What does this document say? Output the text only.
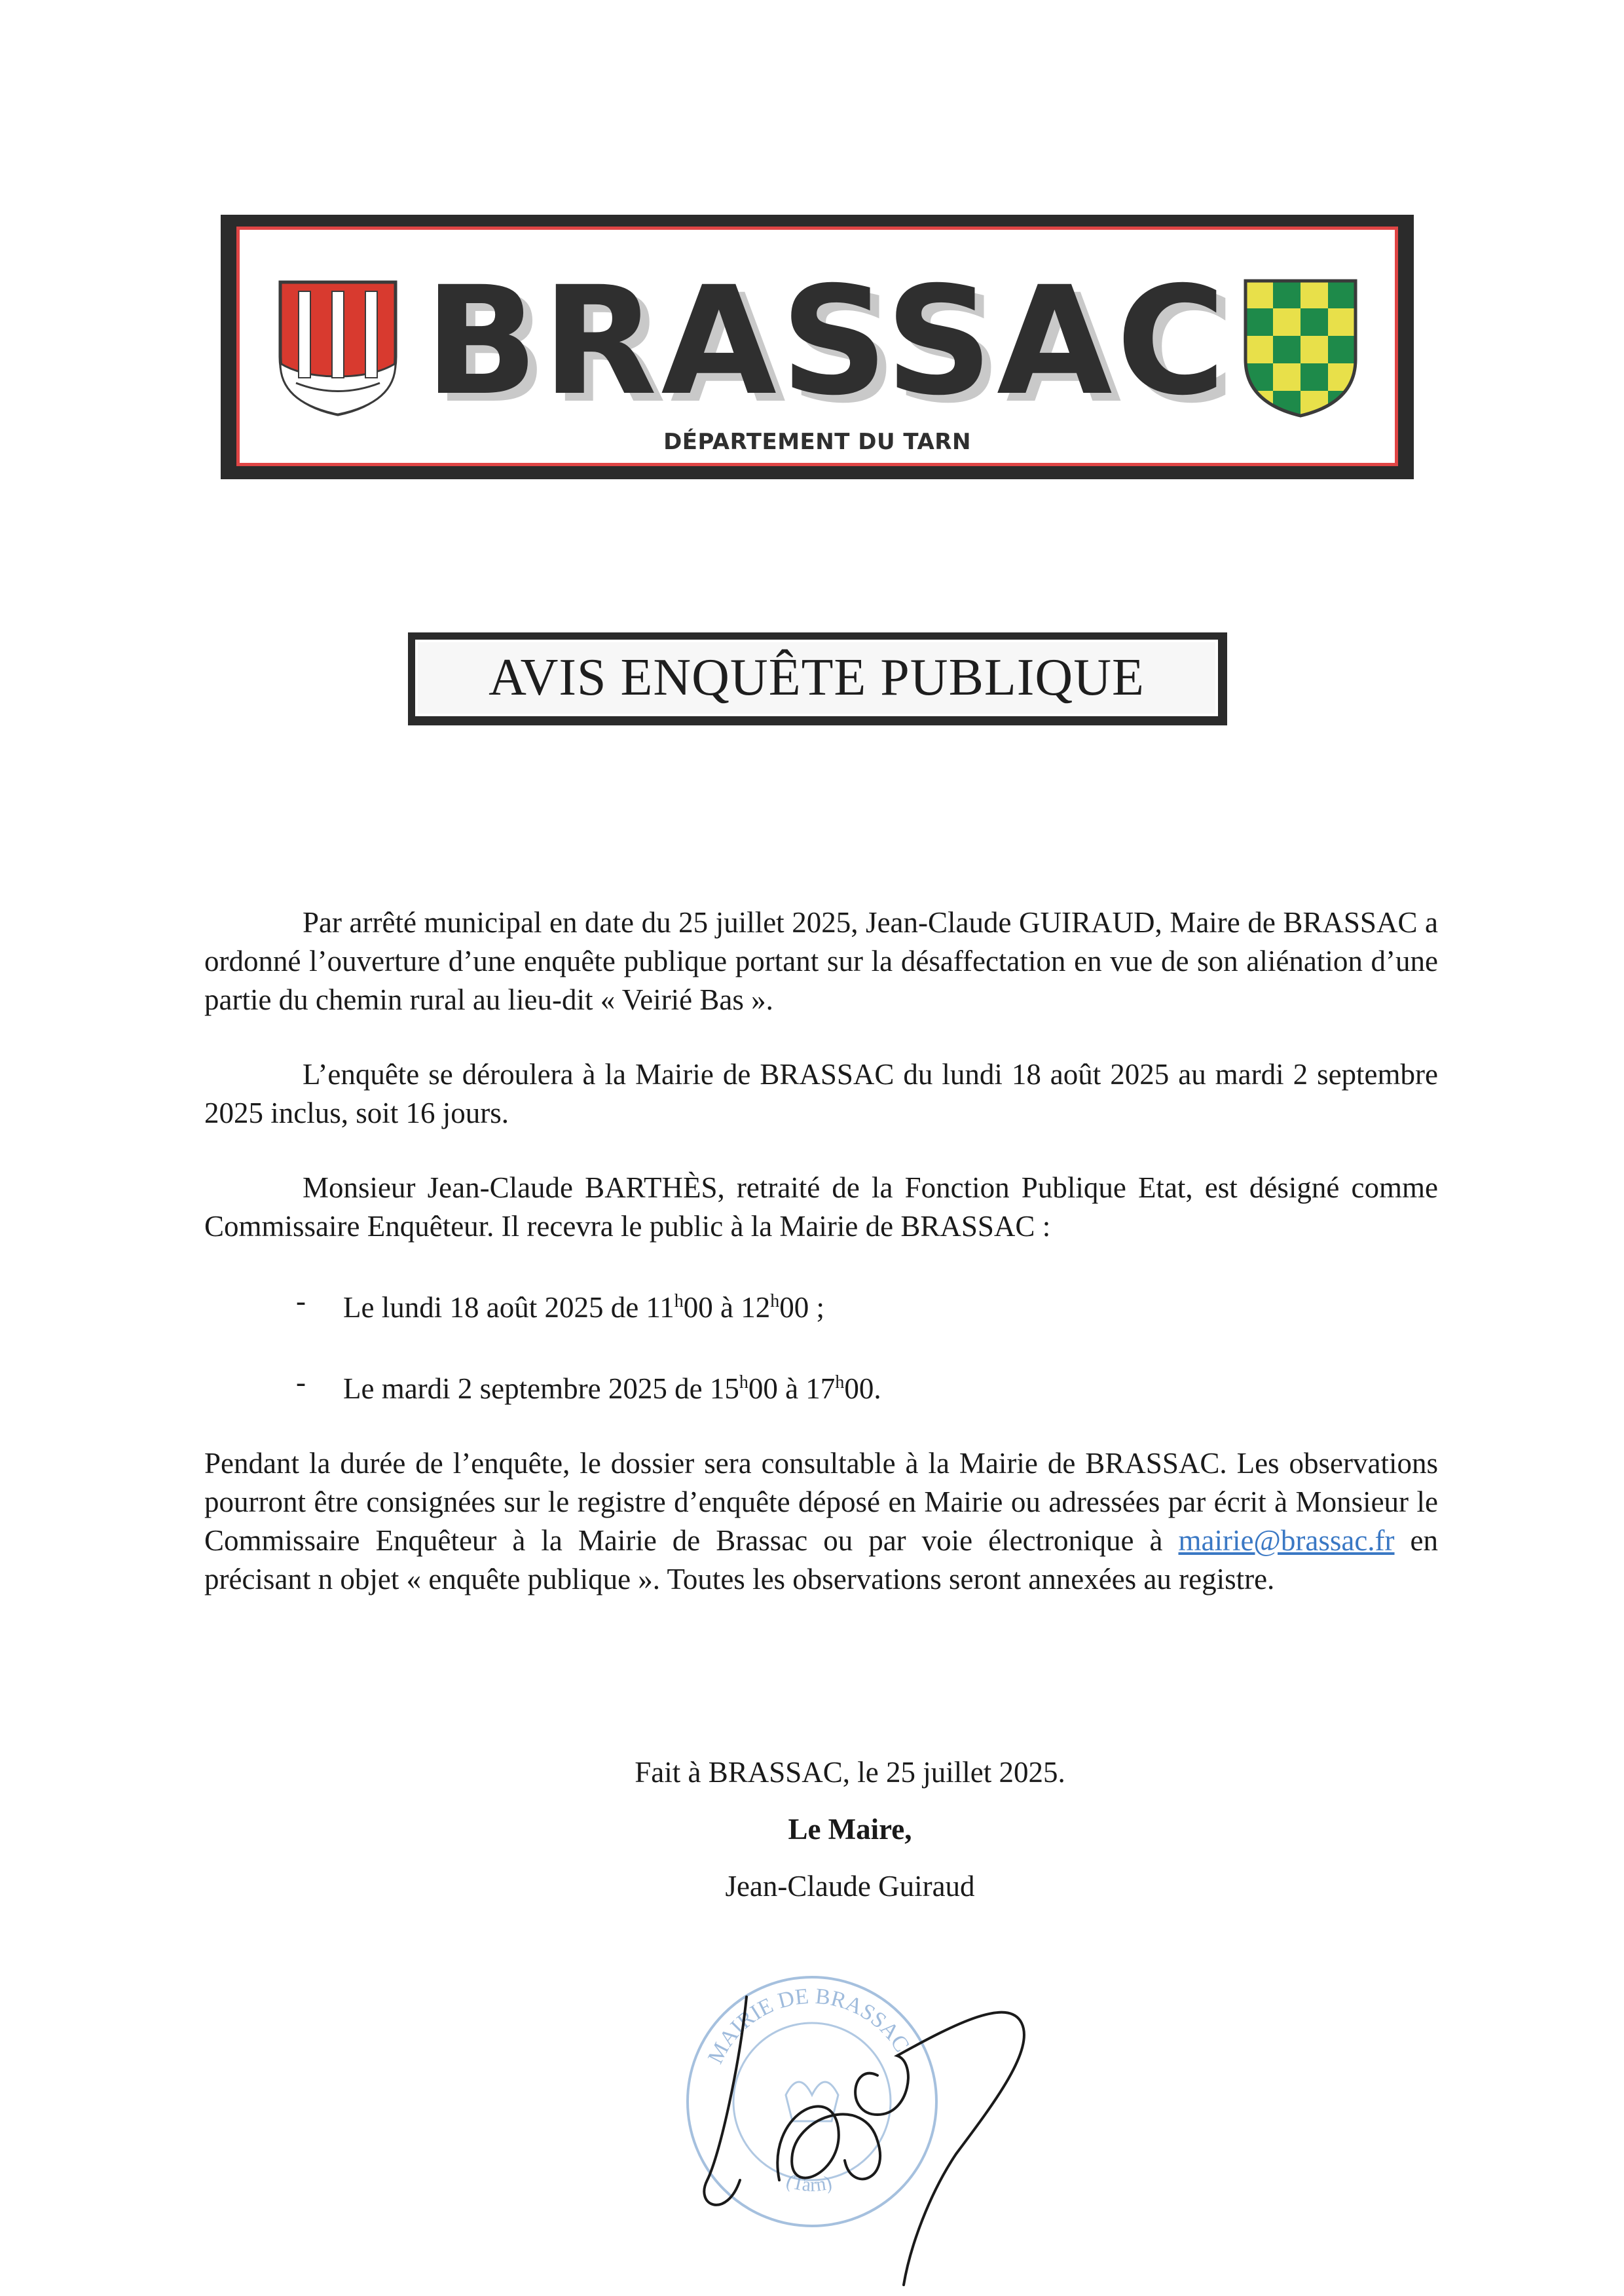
BRASSAC
DÉPARTEMENT DU TARN
AVIS ENQUÊTE PUBLIQUE

Par arrêté municipal en date du 25 juillet 2025, Jean-Claude GUIRAUD, Maire de BRASSAC a ordonné l’ouverture d’une enquête publique portant sur la désaffectation en vue de son aliénation d’une partie du chemin rural au lieu-dit « Veirié Bas ».

L’enquête se déroulera à la Mairie de BRASSAC du lundi 18 août 2025 au mardi 2 septembre 2025 inclus, soit 16 jours.

Monsieur Jean-Claude BARTHÈS, retraité de la Fonction Publique Etat, est désigné comme Commissaire Enquêteur. Il recevra le public à la Mairie de BRASSAC :

- Le lundi 18 août 2025 de 11$^h$00 à 12$^h$00 ;
- Le mardi 2 septembre 2025 de 15$^h$00 à 17$^h$00.

Pendant la durée de l’enquête, le dossier sera consultable à la Mairie de BRASSAC. Les observations pourront être consignées sur le registre d’enquête déposé en Mairie ou adressées par écrit à Monsieur le Commissaire Enquêteur à la Mairie de Brassac ou par voie électronique à mairie@brassac.fr en précisant n objet « enquête publique ». Toutes les observations seront annexées au registre.

Fait à BRASSAC, le 25 juillet 2025.
Le Maire,
Jean-Claude Guiraud
MAIRIE DE BRASSAC
(Tarn)
